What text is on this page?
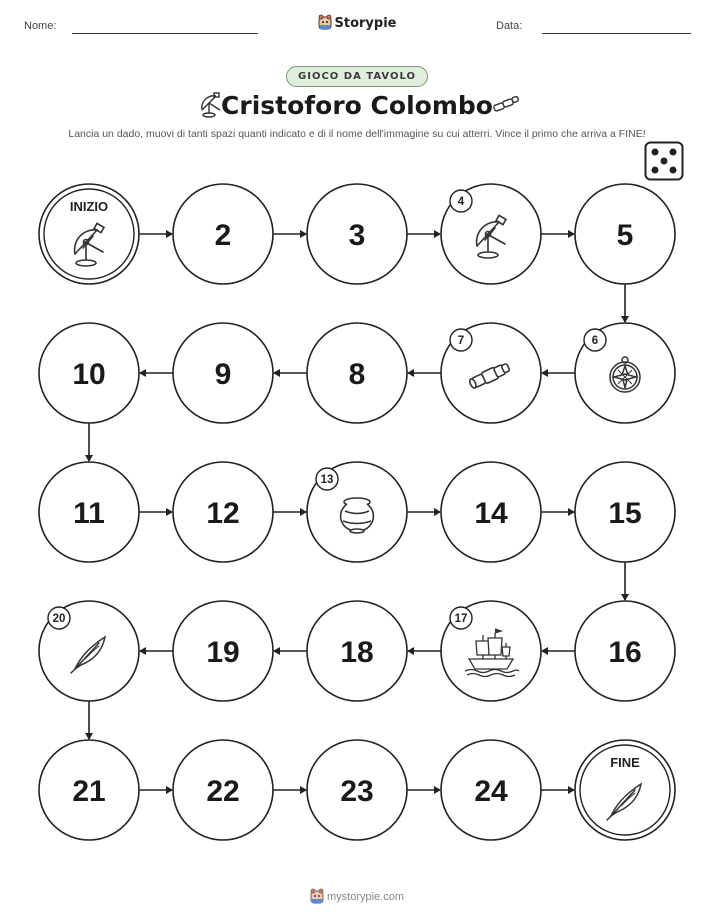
Nome:	Storypie	Data:
GIOCO DA TAVOLO
Cristoforo Colombo
Lancia un dado, muovi di tanti spazi quanti indicato e di il nome dell'immagine su cui atterri. Vince il primo che arriva a FINE!
INIZIO
2	3
4
5
6
7
8
9
10
11	12
13
14	15
16
17
18
19
20
21	22	23	24
FINE
mystorypie.com
